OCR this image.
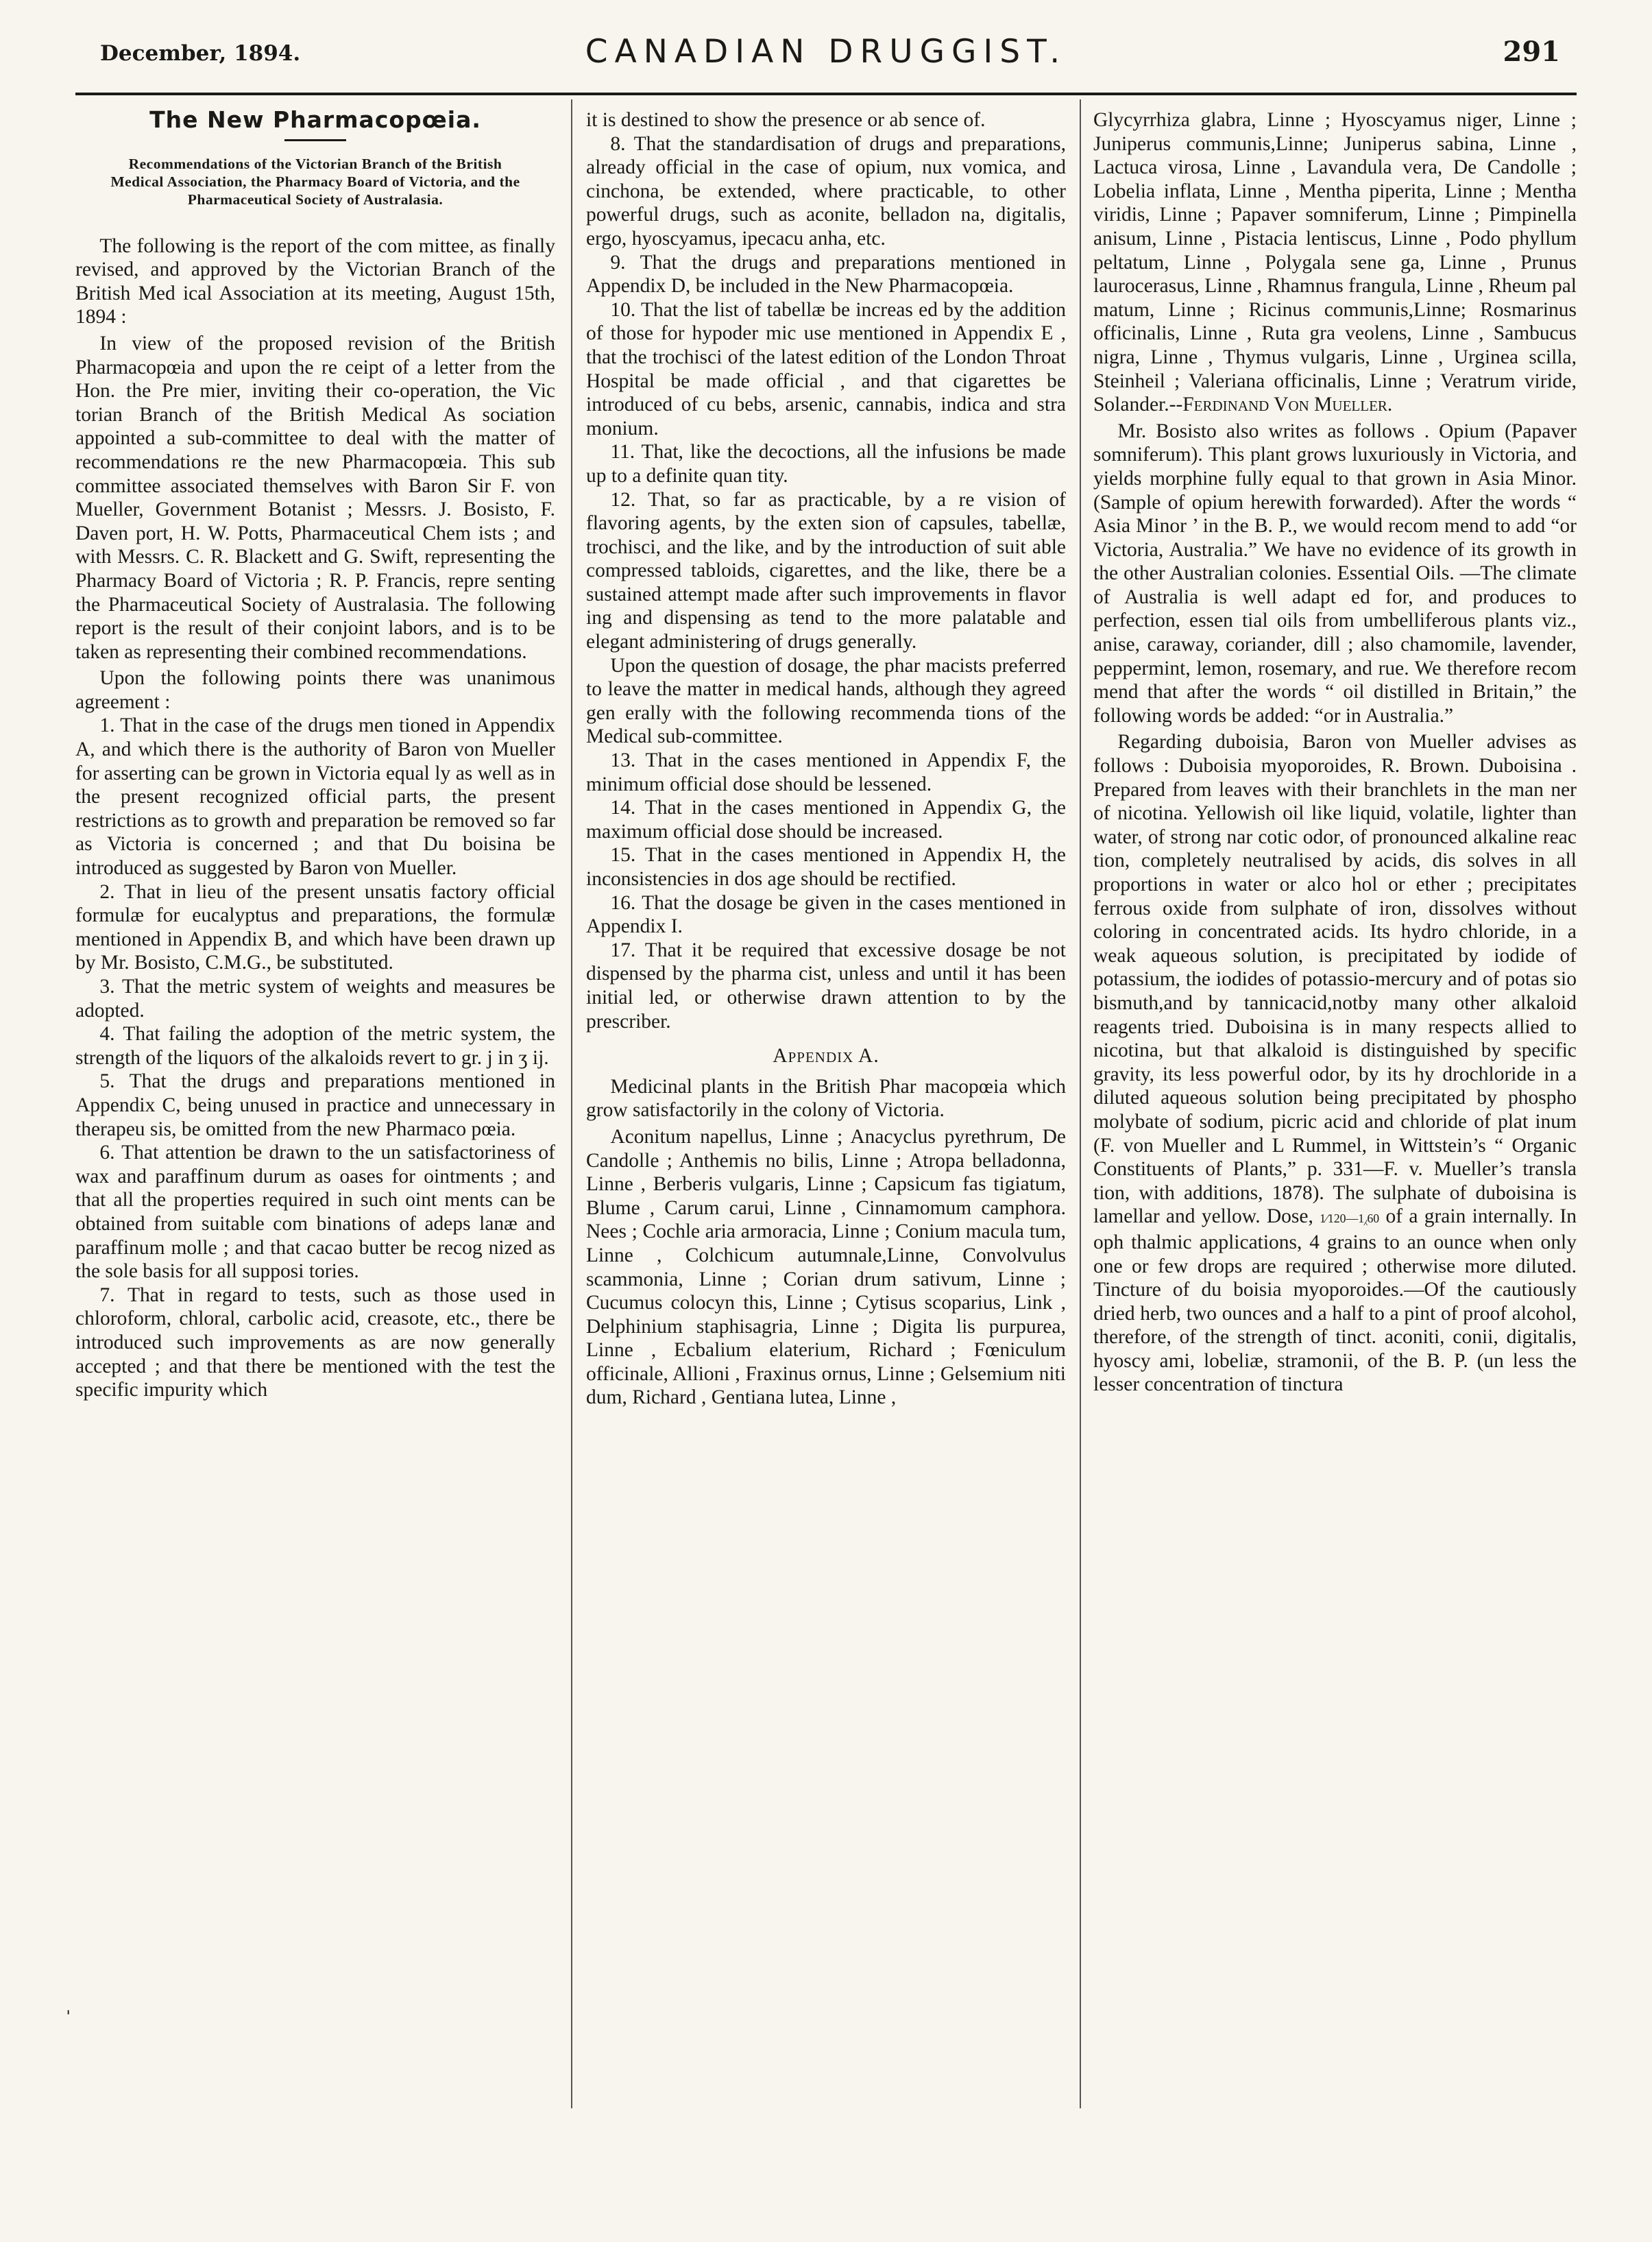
December, 1894.	CANADIAN DRUGGIST.	291
The New Pharmacopœia.
Recommendations of the Victorian Branch of the British Medical Association, the Pharmacy Board of Victoria, and the Pharmaceutical Society of Australasia.

The following is the report of the com mittee, as finally revised, and approved by the Victorian Branch of the British Med ical Association at its meeting, August 15th, 1894 :

In view of the proposed revision of the British Pharmacopœia and upon the re ceipt of a letter from the Hon. the Pre mier, inviting their co-operation, the Vic torian Branch of the British Medical As sociation appointed a sub-committee to deal with the matter of recommendations re the new Pharmacopœia. This sub committee associated themselves with Baron Sir F. von Mueller, Government Botanist ; Messrs. J. Bosisto, F. Daven port, H. W. Potts, Pharmaceutical Chem ists ; and with Messrs. C. R. Blackett and G. Swift, representing the Pharmacy Board of Victoria ; R. P. Francis, repre senting the Pharmaceutical Society of Australasia. The following report is the result of their conjoint labors, and is to be taken as representing their combined recommendations.

Upon the following points there was unanimous agreement :

1. That in the case of the drugs men tioned in Appendix A, and which there is the authority of Baron von Mueller for asserting can be grown in Victoria equal ly as well as in the present recognized official parts, the present restrictions as to growth and preparation be removed so far as Victoria is concerned ; and that Du boisina be introduced as suggested by Baron von Mueller.

2. That in lieu of the present unsatis factory official formulæ for eucalyptus and preparations, the formulæ mentioned in Appendix B, and which have been drawn up by Mr. Bosisto, C.M.G., be substituted.

3. That the metric system of weights and measures be adopted.

4. That failing the adoption of the metric system, the strength of the liquors of the alkaloids revert to gr. j in ʒ ij.

5. That the drugs and preparations mentioned in Appendix C, being unused in practice and unnecessary in therapeu sis, be omitted from the new Pharmaco pœia.

6. That attention be drawn to the un satisfactoriness of wax and paraffinum durum as oases for ointments ; and that all the properties required in such oint ments can be obtained from suitable com binations of adeps lanæ and paraffinum molle ; and that cacao butter be recog nized as the sole basis for all supposi tories.

7. That in regard to tests, such as those used in chloroform, chloral, carbolic acid, creasote, etc., there be introduced such improvements as are now generally accepted ; and that there be mentioned with the test the specific impurity which

ˌ

it is destined to show the presence or ab sence of.

8. That the standardisation of drugs and preparations, already official in the case of opium, nux vomica, and cinchona, be extended, where practicable, to other powerful drugs, such as aconite, belladon na, digitalis, ergo, hyoscyamus, ipecacu anha, etc.

9. That the drugs and preparations mentioned in Appendix D, be included in the New Pharmacopœia.

10. That the list of tabellæ be increas ed by the addition of those for hypoder mic use mentioned in Appendix E , that the trochisci of the latest edition of the London Throat Hospital be made official , and that cigarettes be introduced of cu bebs, arsenic, cannabis, indica and stra monium.

11. That, like the decoctions, all the infusions be made up to a definite quan tity.

12. That, so far as practicable, by a re vision of flavoring agents, by the exten sion of capsules, tabellæ, trochisci, and the like, and by the introduction of suit able compressed tabloids, cigarettes, and the like, there be a sustained attempt made after such improvements in flavor ing and dispensing as tend to the more palatable and elegant administering of drugs generally.

Upon the question of dosage, the phar macists preferred to leave the matter in medical hands, although they agreed gen erally with the following recommenda tions of the Medical sub-committee.

13. That in the cases mentioned in Appendix F, the minimum official dose should be lessened.

14. That in the cases mentioned in Appendix G, the maximum official dose should be increased.

15. That in the cases mentioned in Appendix H, the inconsistencies in dos age should be rectified.

16. That the dosage be given in the cases mentioned in Appendix I.

17. That it be required that excessive dosage be not dispensed by the pharma cist, unless and until it has been initial led, or otherwise drawn attention to by the prescriber.

Appendix A.

Medicinal plants in the British Phar macopœia which grow satisfactorily in the colony of Victoria.

Aconitum napellus, Linne ; Anacyclus pyrethrum, De Candolle ; Anthemis no bilis, Linne ; Atropa belladonna, Linne , Berberis vulgaris, Linne ; Capsicum fas tigiatum, Blume , Carum carui, Linne , Cinnamomum camphora. Nees ; Cochle aria armoracia, Linne ; Conium macula tum, Linne , Colchicum autumnale,Linne, Convolvulus scammonia, Linne ; Corian drum sativum, Linne ; Cucumus colocyn this, Linne ; Cytisus scoparius, Link , Delphinium staphisagria, Linne ; Digita lis purpurea, Linne , Ecbalium elaterium, Richard ; Fœniculum officinale, Allioni , Fraxinus ornus, Linne ; Gelsemium niti dum, Richard , Gentiana lutea, Linne ,

Glycyrrhiza glabra, Linne ; Hyoscyamus niger, Linne ; Juniperus communis,Linne; Juniperus sabina, Linne , Lactuca virosa, Linne , Lavandula vera, De Candolle ; Lobelia inflata, Linne , Mentha piperita, Linne ; Mentha viridis, Linne ; Papaver somniferum, Linne ; Pimpinella anisum, Linne , Pistacia lentiscus, Linne , Podo phyllum peltatum, Linne , Polygala sene ga, Linne , Prunus laurocerasus, Linne , Rhamnus frangula, Linne , Rheum pal matum, Linne ; Ricinus communis,Linne; Rosmarinus officinalis, Linne , Ruta gra veolens, Linne , Sambucus nigra, Linne , Thymus vulgaris, Linne , Urginea scilla, Steinheil ; Valeriana officinalis, Linne ; Veratrum viride, Solander.--Ferdinand Von Mueller.

Mr. Bosisto also writes as follows . Opium (Papaver somniferum). This plant grows luxuriously in Victoria, and yields morphine fully equal to that grown in Asia Minor. (Sample of opium herewith forwarded). After the words “ Asia Minor ’ in the B. P., we would recom mend to add “or Victoria, Australia.” We have no evidence of its growth in the other Australian colonies. Essential Oils. —The climate of Australia is well adapt ed for, and produces to perfection, essen tial oils from umbelliferous plants viz., anise, caraway, coriander, dill ; also chamomile, lavender, peppermint, lemon, rosemary, and rue. We therefore recom mend that after the words “ oil distilled in Britain,” the following words be added: “or in Australia.”

Regarding duboisia, Baron von Mueller advises as follows : Duboisia myoporoides, R. Brown. Duboisina . Prepared from leaves with their branchlets in the man ner of nicotina. Yellowish oil like liquid, volatile, lighter than water, of strong nar cotic odor, of pronounced alkaline reac tion, completely neutralised by acids, dis solves in all proportions in water or alco hol or ether ; precipitates ferrous oxide from sulphate of iron, dissolves without coloring in concentrated acids. Its hydro chloride, in a weak aqueous solution, is precipitated by iodide of potassium, the iodides of potassio-mercury and of potas sio bismuth,and by tannicacid,notby many other alkaloid reagents tried. Duboisina is in many respects allied to nicotina, but that alkaloid is distinguished by specific gravity, its less powerful odor, by its hy drochloride in a diluted aqueous solution being precipitated by phospho molybate of sodium, picric acid and chloride of plat inum (F. von Mueller and L Rummel, in Wittstein’s “ Organic Constituents of Plants,” p. 331—F. v. Mueller’s transla tion, with additions, 1878). The sulphate of duboisina is lamellar and yellow. Dose, 1⁄120—1⁁60 of a grain internally. In oph thalmic applications, 4 grains to an ounce when only one or few drops are required ; otherwise more diluted. Tincture of du boisia myoporoides.—Of the cautiously dried herb, two ounces and a half to a pint of proof alcohol, therefore, of the strength of tinct. aconiti, conii, digitalis, hyoscy ami, lobeliæ, stramonii, of the B. P. (un less the lesser concentration of tinctura
